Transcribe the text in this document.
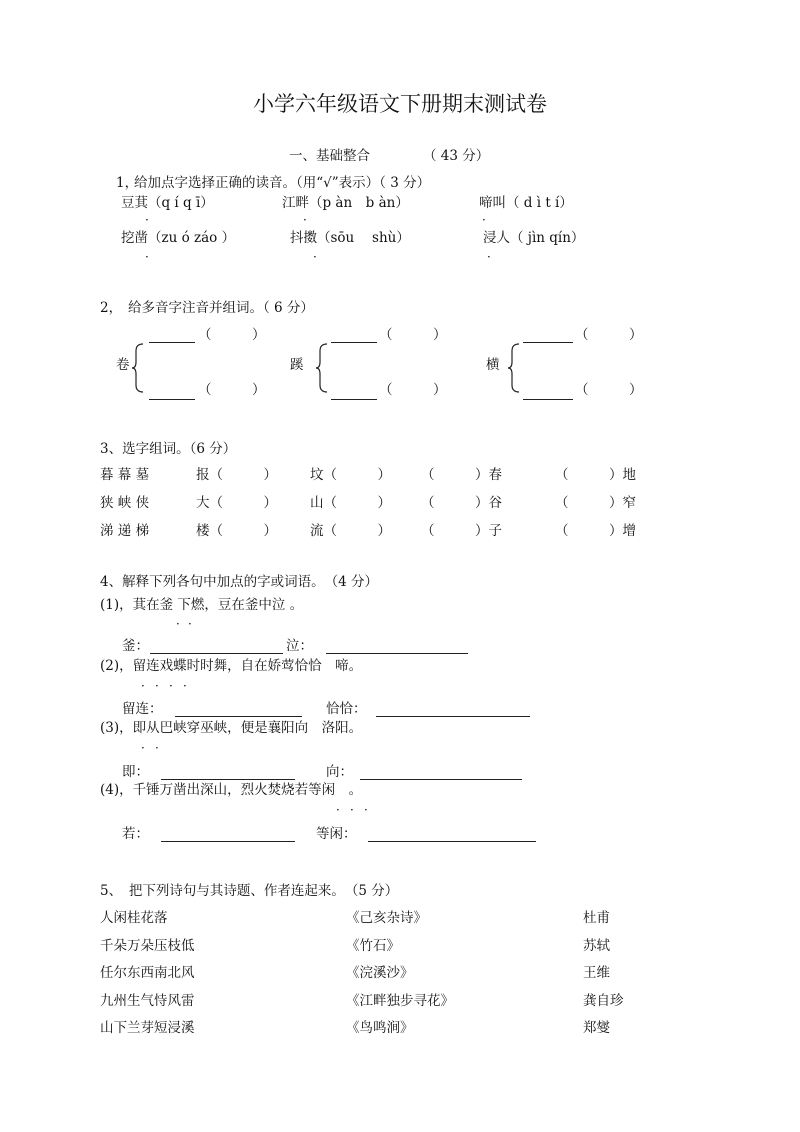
小学六年级语文下册期末测试卷
一、基础整合	（ 43 分）
1，
给加点字选择正确的读音。（用“√”表示）（ 3 分）
豆萁（q í q ī）	江畔（p àn　b àn）	啼叫（ d ì t í）
·	·	·
挖凿（zu ó záo ）	抖擞（sōu　 shù）	浸人（ jìn qín）
·	·	·
2， 给多音字注音并组词。（ 6 分）
（　　　）
卷
（　　　）
（　　　）
蹊
（　　　）
（　　　）
横
（　　　）
3、选字组词。（6 分）
暮 幕 墓	报（　　　） 坟（　　　） （　　　）春	（　　　）地
狭 峡 侠	大（　　　） 山（　　　） （　　　）谷	（　　　）窄
涕 递 梯	楼（　　　） 流（　　　） （　　　）子	（　　　）增
4、解释下列各句中加点的字或词语。　（4 分）
(1)，萁在釜 下燃，豆在釜中泣 。
· ·
釜：	泣：
(2)，留连戏蝶时时舞，自在娇莺恰恰　啼。
· · · ·
留连：	恰恰：
(3)，即从巴峡穿巫峡，便是襄阳向　洛阳。
· ·
即：	向：
(4)，千锤万凿出深山，烈火焚烧若等闲　。
· · ·
若：	等闲：
5、　把下列诗句与其诗题、作者连起来。　（5 分）
人闲桂花落	《己亥杂诗》	杜甫
千朵万朵压枝低	《竹石》	苏轼
任尔东西南北风	《浣溪沙》	王维
九州生气恃风雷	《江畔独步寻花》	龚自珍
山下兰芽短浸溪	《鸟鸣涧》	郑燮
